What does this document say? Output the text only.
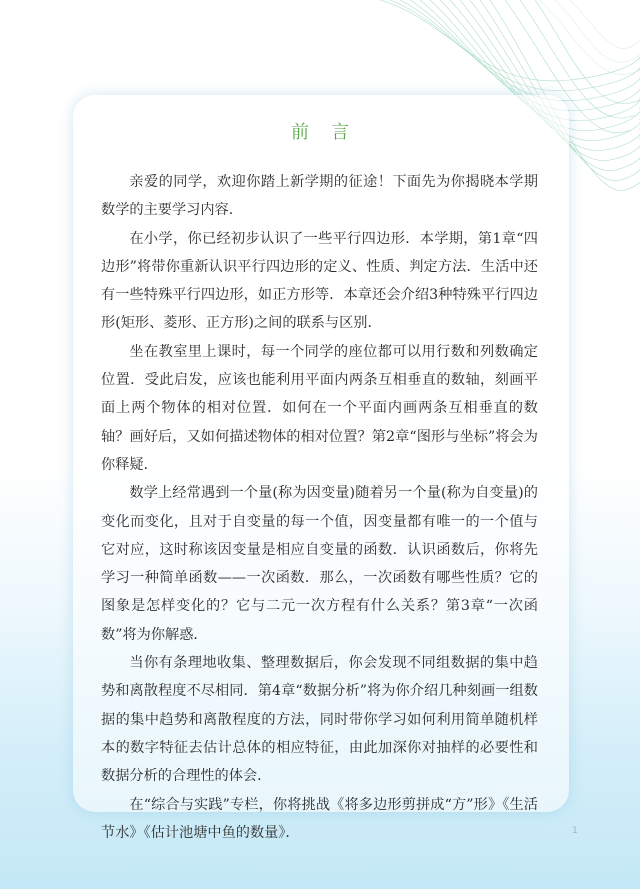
前言

亲爱的同学，欢迎你踏上新学期的征途！下面先为你揭晓本学期数学的主要学习内容.

在小学，你已经初步认识了一些平行四边形．本学期，第1章“四边形”将带你重新认识平行四边形的定义、性质、判定方法．生活中还有一些特殊平行四边形，如正方形等．本章还会介绍3种特殊平行四边形(矩形、菱形、正方形)之间的联系与区别．

坐在教室里上课时，每一个同学的座位都可以用行数和列数确定位置．受此启发，应该也能利用平面内两条互相垂直的数轴，刻画平面上两个物体的相对位置．如何在一个平面内画两条互相垂直的数轴？画好后，又如何描述物体的相对位置？第2章“图形与坐标”将会为你释疑．

数学上经常遇到一个量(称为因变量)随着另一个量(称为自变量)的变化而变化，且对于自变量的每一个值，因变量都有唯一的一个值与它对应，这时称该因变量是相应自变量的函数．认识函数后，你将先学习一种简单函数——一次函数．那么，一次函数有哪些性质？它的图象是怎样变化的？它与二元一次方程有什么关系？第3章“一次函数”将为你解惑．

当你有条理地收集、整理数据后，你会发现不同组数据的集中趋势和离散程度不尽相同．第4章“数据分析”将为你介绍几种刻画一组数据的集中趋势和离散程度的方法，同时带你学习如何利用简单随机样本的数字特征去估计总体的相应特征，由此加深你对抽样的必要性和数据分析的合理性的体会．

在“综合与实践”专栏，你将挑战《将多边形剪拼成“方”形》《生活节水》《估计池塘中鱼的数量》．	1
